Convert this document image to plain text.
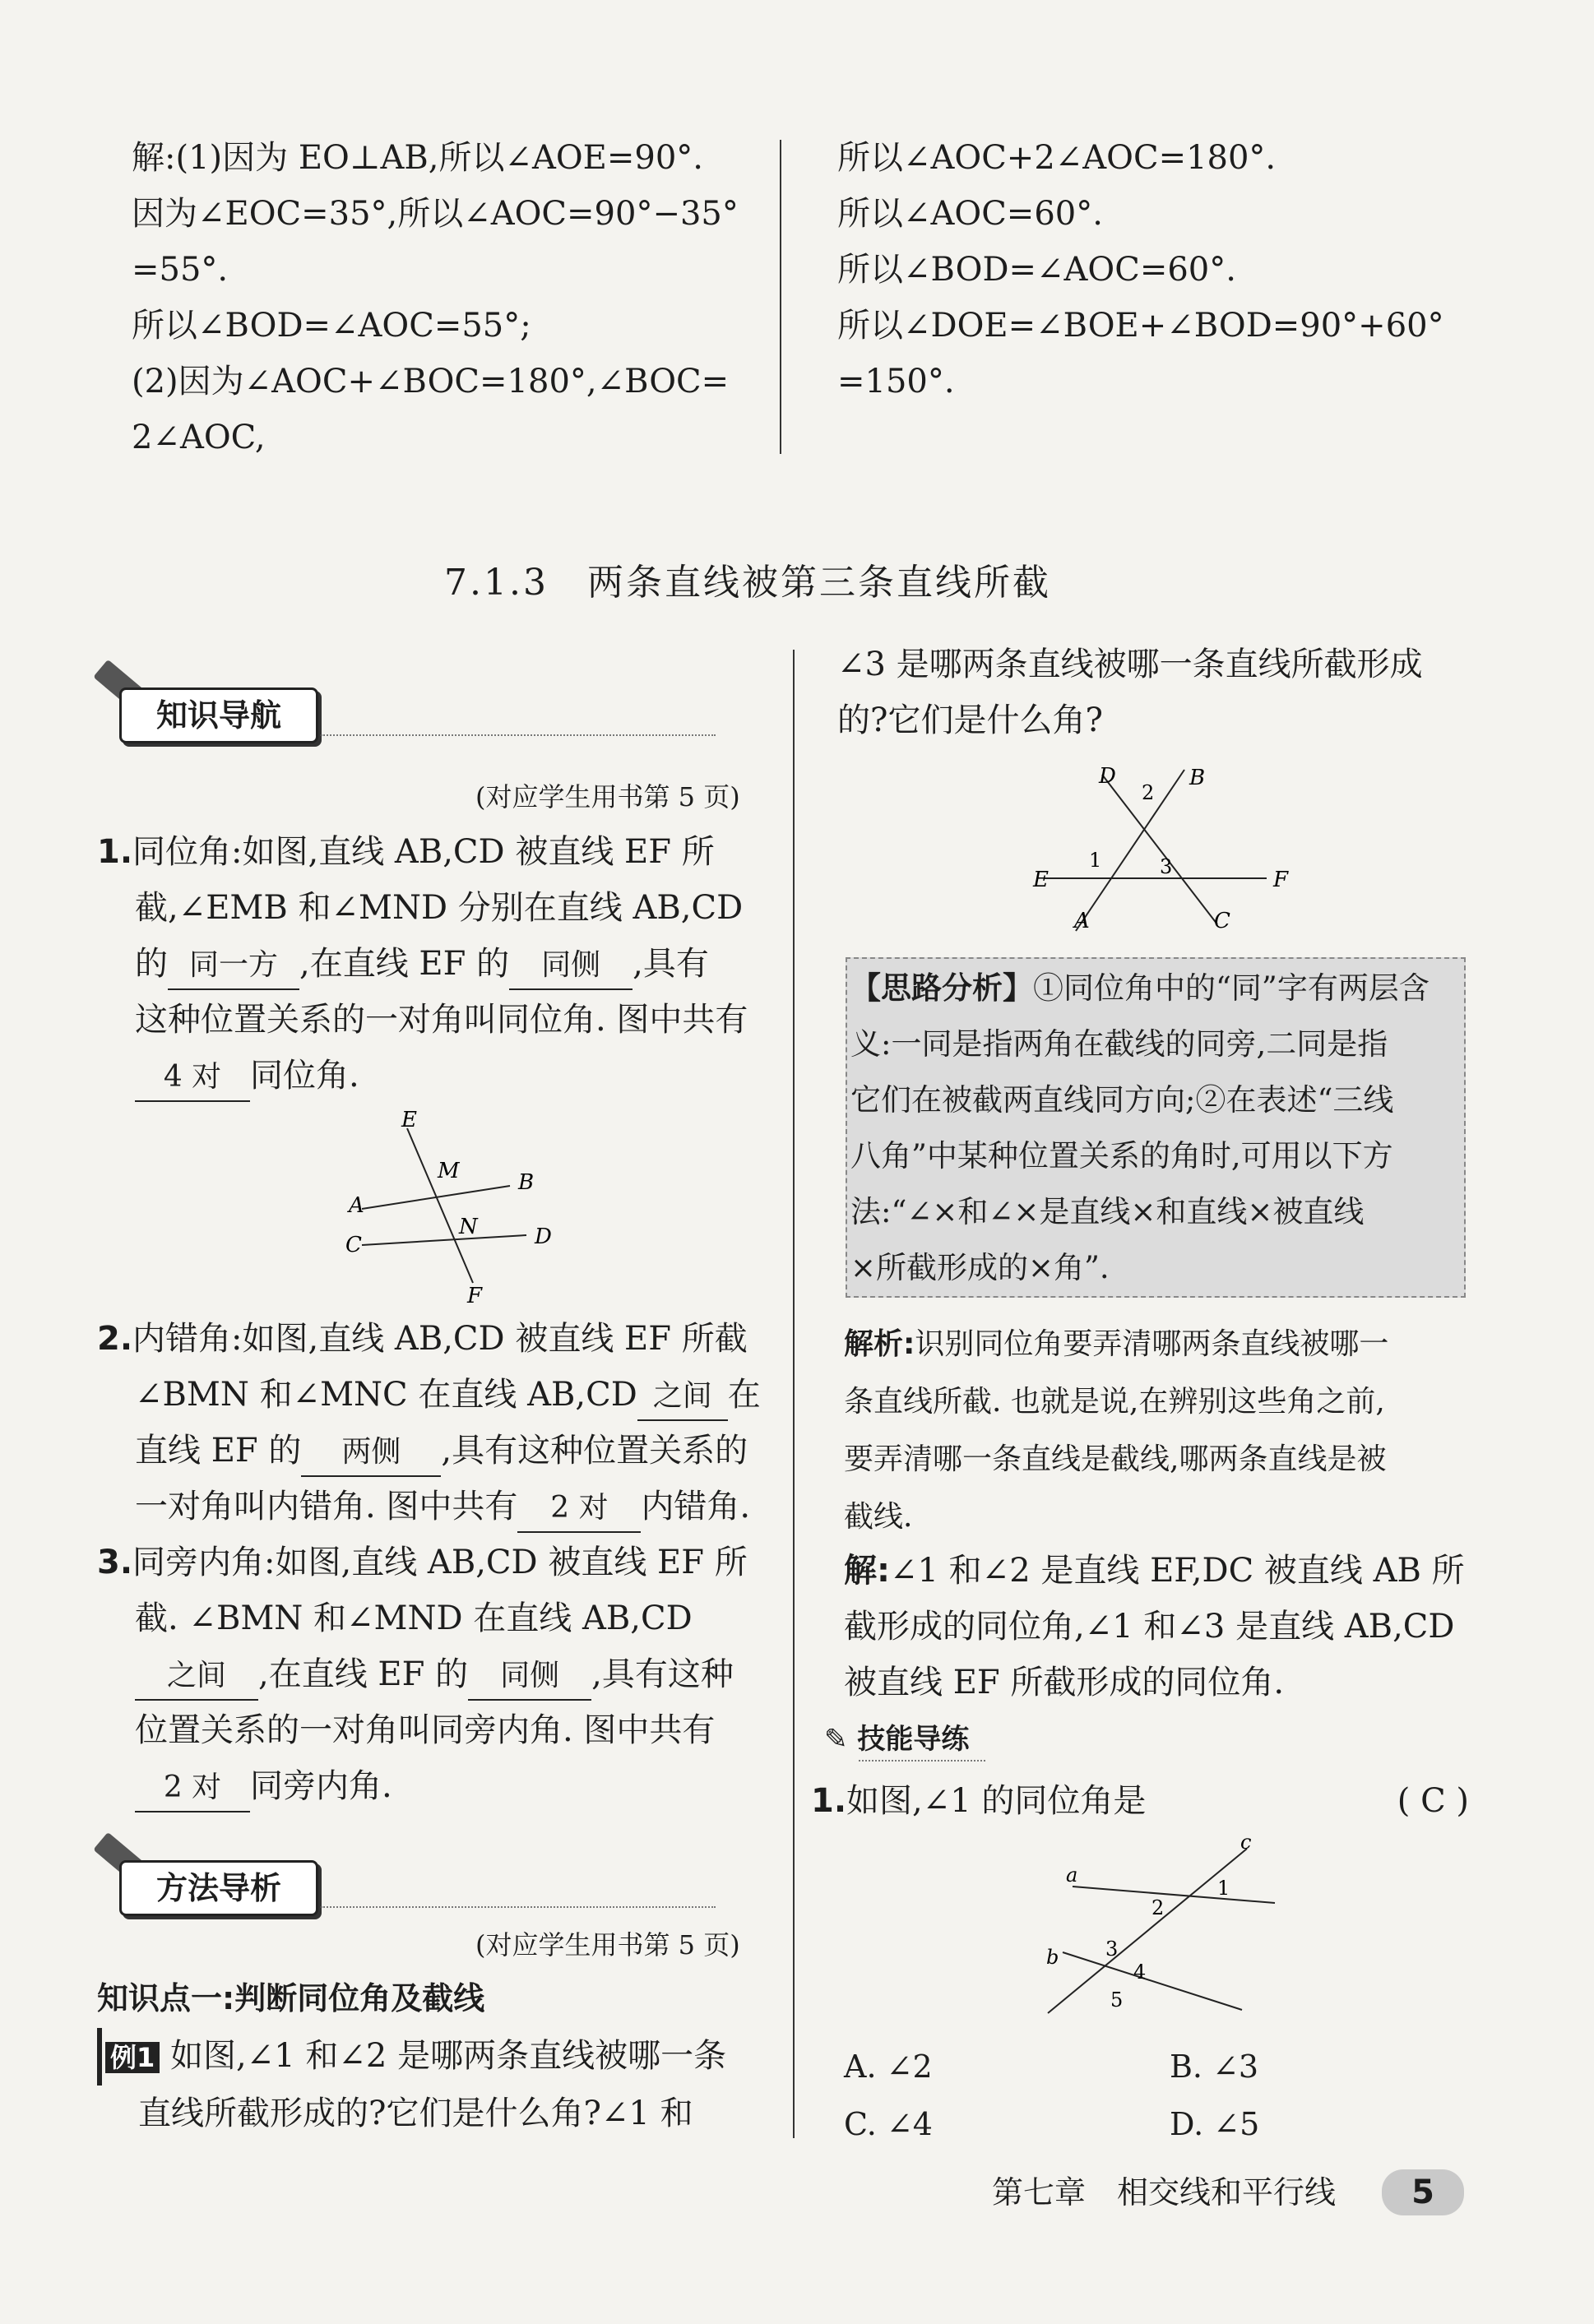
解:(1)因为 EO⊥AB,所以∠AOE=90°.
因为∠EOC=35°,所以∠AOC=90°−35°
=55°.
所以∠BOD=∠AOC=55°;
(2)因为∠AOC+∠BOC=180°,∠BOC=
2∠AOC,
所以∠AOC+2∠AOC=180°.
所以∠AOC=60°.
所以∠BOD=∠AOC=60°.
所以∠DOE=∠BOE+∠BOD=90°+60°
=150°.
7.1.3　两条直线被第三条直线所截
知识导航
(对应学生用书第 5 页)
1.同位角:如图,直线 AB,CD 被直线 EF 所
截,∠EMB 和∠MND 分别在直线 AB,CD
的 同一方 ,在直线 EF 的 同侧 ,具有
这种位置关系的一对角叫同位角. 图中共有
4 对 同位角.
E
M	B
A
N
C	D
F
2.内错角:如图,直线 AB,CD 被直线 EF 所截
∠BMN 和∠MNC 在直线 AB,CD 之间 在
直线 EF 的 两侧 ,具有这种位置关系的
一对角叫内错角. 图中共有 2 对 内错角.
3.同旁内角:如图,直线 AB,CD 被直线 EF 所
截. ∠BMN 和∠MND 在直线 AB,CD
之间 ,在直线 EF 的 同侧 ,具有这种
位置关系的一对角叫同旁内角. 图中共有
2 对 同旁内角.
方法导析
(对应学生用书第 5 页)
知识点一:判断同位角及截线
例1 如图,∠1 和∠2 是哪两条直线被哪一条
直线所截形成的?它们是什么角?∠1 和
∠3 是哪两条直线被哪一条直线所截形成
的?它们是什么角?
D
2
B
1	3
E	F
A	C
【思路分析】①同位角中的“同”字有两层含
义:一同是指两角在截线的同旁,二同是指
它们在被截两直线同方向;②在表述“三线
八角”中某种位置关系的角时,可用以下方
法:“∠×和∠×是直线×和直线×被直线
×所截形成的×角”.
解析:识别同位角要弄清哪两条直线被哪一
条直线所截. 也就是说,在辨别这些角之前,
要弄清哪一条直线是截线,哪两条直线是被
截线.
解:∠1 和∠2 是直线 EF,DC 被直线 AB 所
截形成的同位角,∠1 和∠3 是直线 AB,CD
被直线 EF 所截形成的同位角.
✎ 技能导练
1.如图,∠1 的同位角是	( C )
c
a
1
2
b 3
4
5
A. ∠2	B. ∠3
C. ∠4	D. ∠5
第七章　相交线和平行线	5
